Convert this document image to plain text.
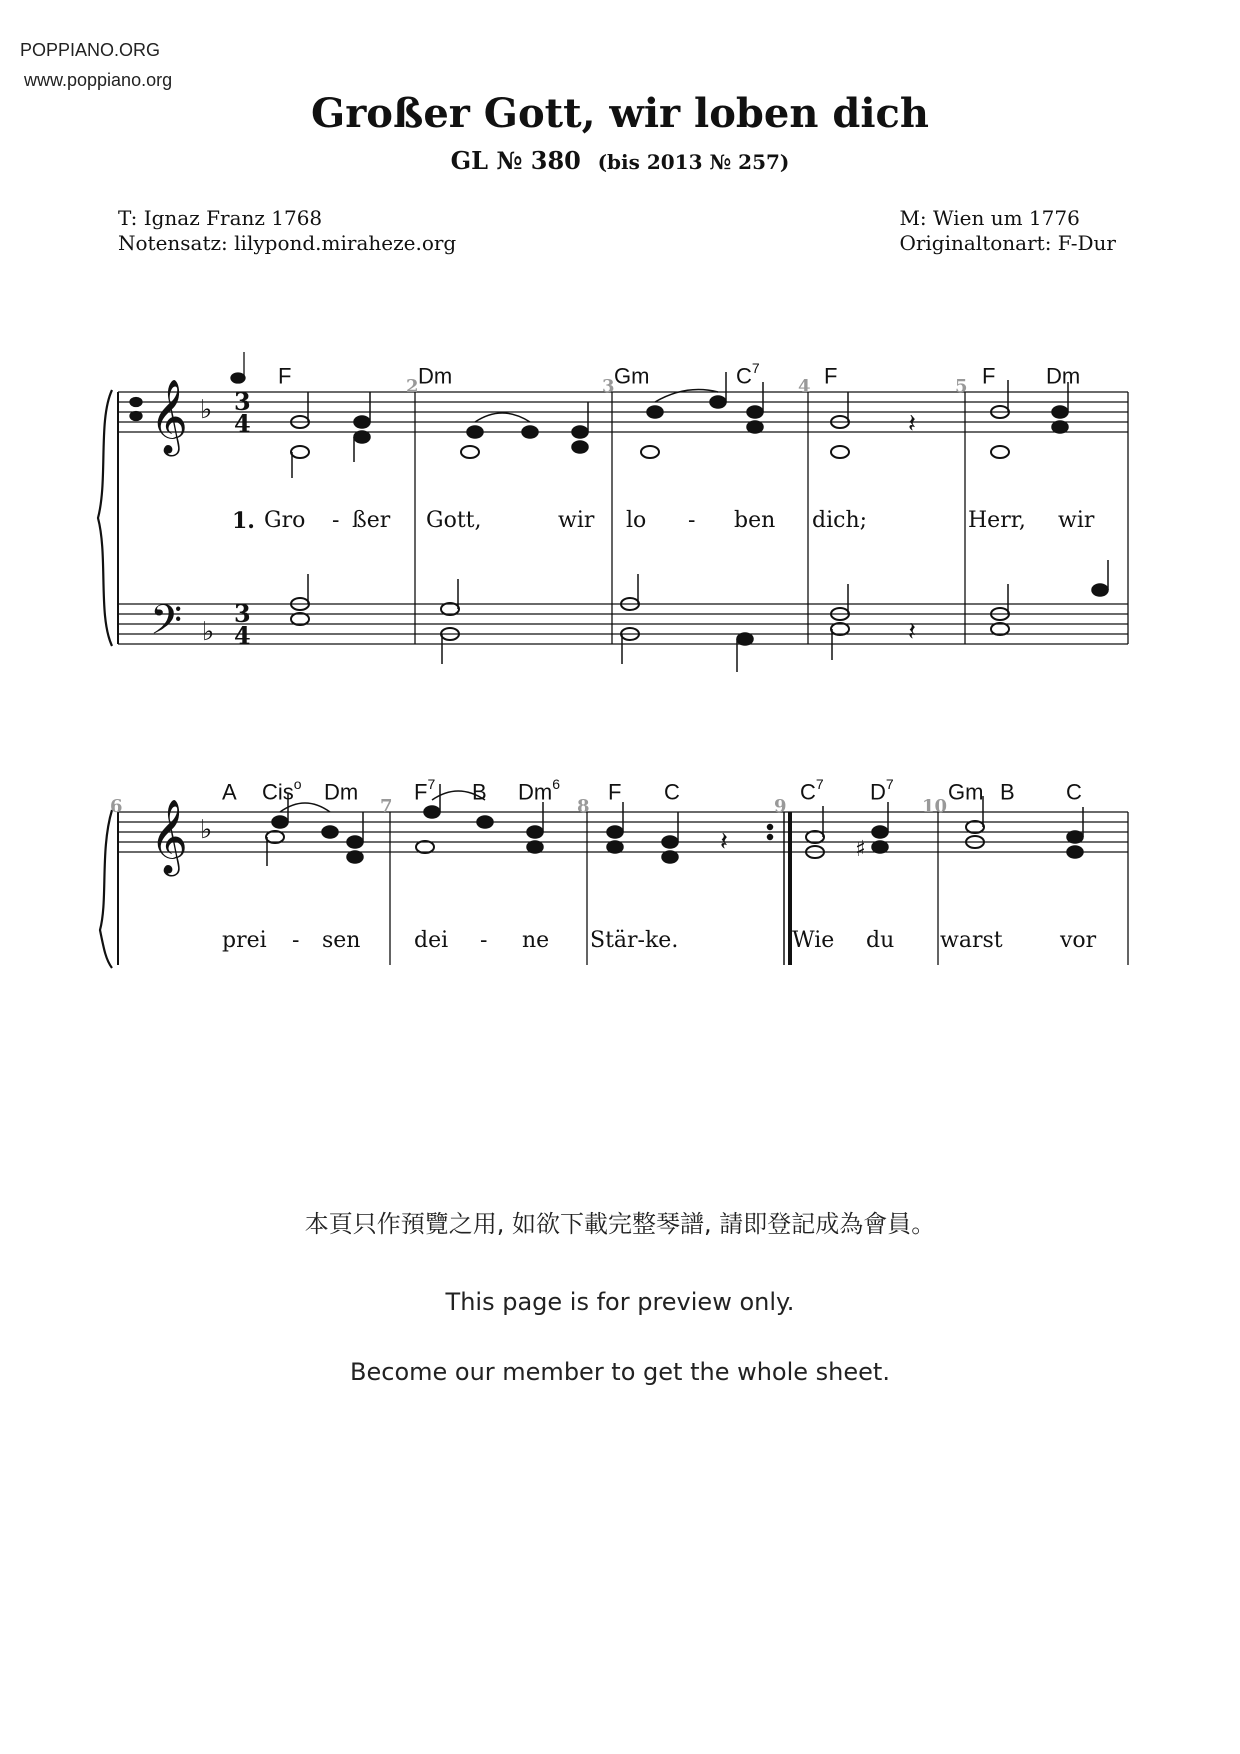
POPPIANO.ORG
www.poppiano.org
Großer Gott, wir loben dich
GL № 380 (bis 2013 № 257)
T: Ignaz Franz 1768
Notensatz: lilypond.miraheze.org
M: Wien um 1776
Originaltonart: F-Dur
𝄞 ♭ 3
4
𝄢 ♭
3
4
𝄞 ♭
𝄽
𝄽
𝄽	♯
2	3	4	5
6	7	8	9	10
F	Dm	Gm	$C^7$	F	F Dm
1. Gro - ßer Gott,	wir lo - ben dich;	Herr, wir
A Cis$^o$ Dm	$F^7$ B Dm$^6$ F C	$C^7$ $D^7$ Gm B C
prei - sen dei - ne Stär-ke.	Wie du warst	vor
本頁只作預覽之用, 如欲下載完整琴譜, 請即登記成為會員。
This page is for preview only.
Become our member to get the whole sheet.
